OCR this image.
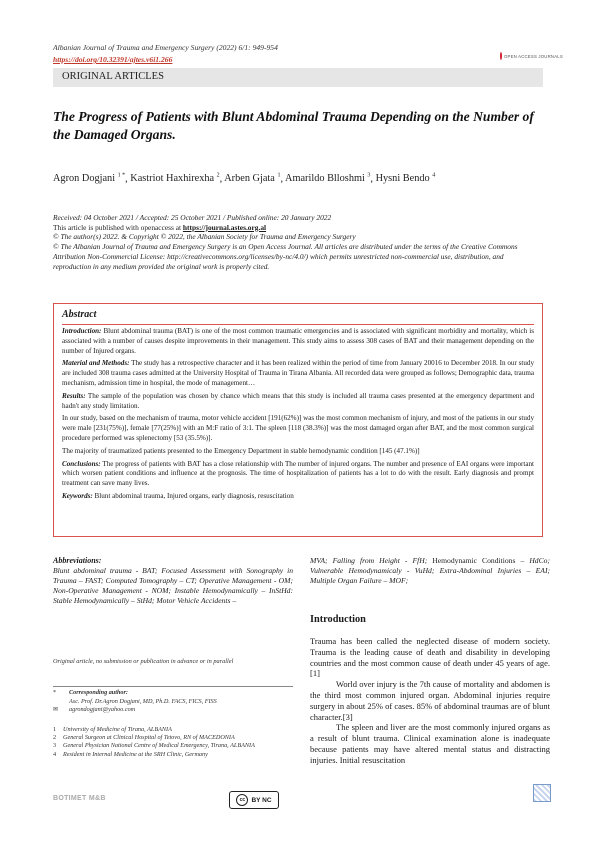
Albanian Journal of Trauma and Emergency Surgery (2022) 6/1: 949-954
https://doi.org/10.32391/ajtes.v6i1.266	OPEN ACCESS JOURNALS
ORIGINAL ARTICLES
The Progress of Patients with Blunt Abdominal Trauma Depending on the Number of the Damaged Organs.
Agron Dogjani $^{1 *}$, Kastriot Haxhirexha $^2$, Arben Gjata $^1$, Amarildo Blloshmi $^3$, Hysni Bendo $^4$
Received: 04 October 2021 / Accepted: 25 October 2021 / Published online: 20 January 2022
This article is published with openaccess at https://journal.astes.org.al
© The author(s) 2022. & Copyright © 2022, the Albanian Society for Trauma and Emergency Surgery
© The Albanian Journal of Trauma and Emergency Surgery is an Open Access Journal. All articles are distributed under the terms of the Creative Commons Attribution Non-Commercial License: http://creativecommons.org/licenses/by-nc/4.0/) which permits unrestricted non-commercial use, distribution, and reproduction in any medium provided the original work is properly cited.
Abstract

Introduction: Blunt abdominal trauma (BAT) is one of the most common traumatic emergencies and is associated with significant morbidity and mortality, which is associated with a number of causes despite improvements in their management. This study aims to assess 308 cases of BAT and their management depending on the number of Injured organs.

Material and Methods: The study has a retrospective character and it has been realized within the period of time from January 20016 to December 2018. In our study are included 308 trauma cases admitted at the University Hospital of Trauma in Tirana Albania. All recorded data were grouped as follows; Demographic data, trauma mechanism, admission time in hospital, the mode of management…

Results: The sample of the population was chosen by chance which means that this study is included all trauma cases presented at the emergency department and hadn't any study limitation.

In our study, based on the mechanism of trauma, motor vehicle accident [191(62%)] was the most common mechanism of injury, and most of the patients in our study were male [231(75%)], female [77(25%)] with an M:F ratio of 3:1. The spleen [118 (38.3%)] was the most damaged organ after BAT, and the most common surgical procedure performed was splenectomy [53 (35.5%)].

The majority of traumatized patients presented to the Emergency Department in stable hemodynamic condition [145 (47.1%)]

Conclusions: The progress of patients with BAT has a close relationship with The number of injured organs. The number and presence of EAI organs were important which worsen patient conditions and influence at the prognosis. The time of hospitalization of patients has a lot to do with the result. Early diagnosis and prompt treatment can save many lives.

Keywords: Blunt abdominal trauma, Injured organs, early diagnosis, resuscitation

Abbreviations:
Blunt abdominal trauma - BAT; Focused Assessment with Sonography in Trauma – FAST; Computed Tomography – CT; Operative Management - OM; Non-Operative Management - NOM; Instable Hemodynamically – InStHd: Stable Hemodynamically – StHd; Motor Vehicle Accidents –
Original article, no submission or publication in advance or in parallel
*	Corresponding author:
Asc. Prof. Dr.Agron Dogjani, MD, Ph.D. FACS, FICS, FISS
✉	agrondogjani@yahoo.com
1	University of Medicine of Tirana, ALBANIA
2	General Surgeon at Clinical Hospital of Tetovo, RN of MACEDONIA
3	General Physician National Centre of Medical Emergency, Tirana, ALBANIA
4	Resident in Internal Medicine at the SRH Clinic, Germany
MVA; Falling from Height - FfH; Hemodynamic Conditions – HdCo; Vulnerable Hemodynamicaly - VuHd; Extra-Abdominal Injuries – EAI; Multiple Organ Failure – MOF;
Introduction

Trauma has been called the neglected disease of modern society. Trauma is the leading cause of death and disability in developing countries and the most common cause of death under 45 years of age.[1]

World over injury is the 7th cause of mortality and abdomen is the third most common injured organ. Abdominal injuries require surgery in about 25% of cases. 85% of abdominal traumas are of blunt character.[3]

The spleen and liver are the most commonly injured organs as a result of blunt trauma. Clinical examination alone is inadequate because patients may have altered mental status and distracting injuries. Initial resuscitation

BOTIMET M&B	cc BY NC
